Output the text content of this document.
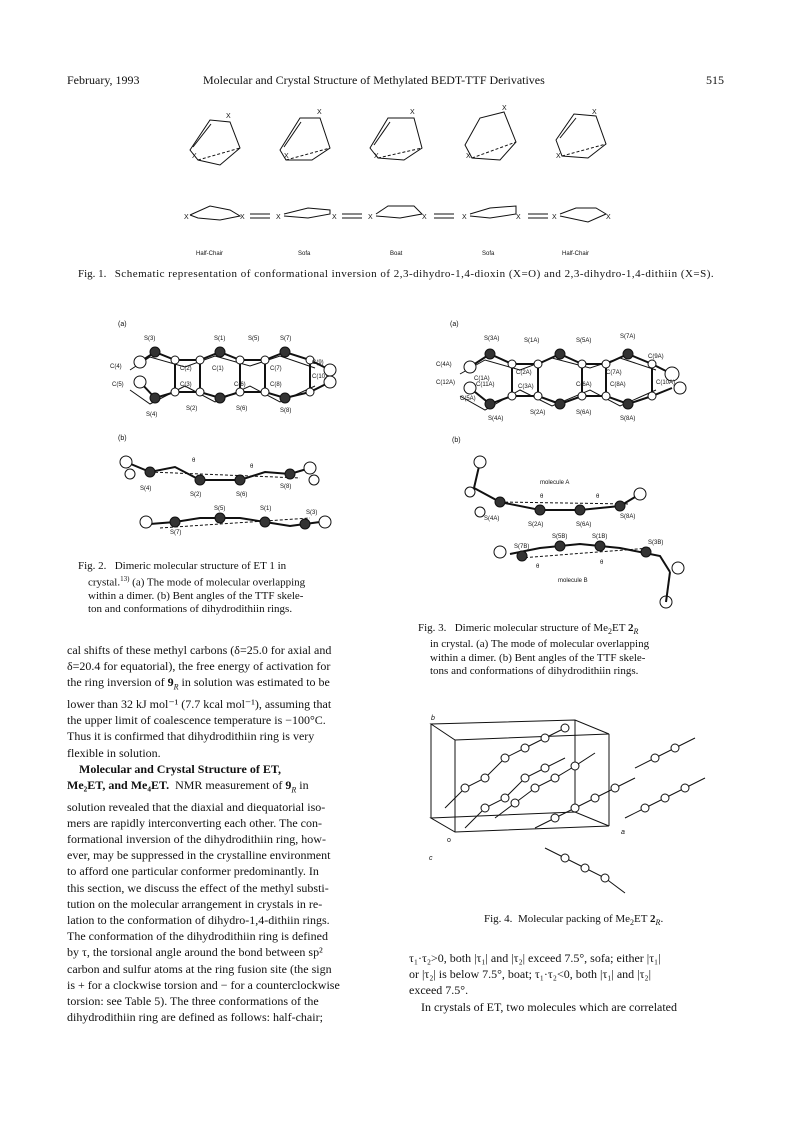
February, 1993	Molecular and Crystal Structure of Methylated BEDT-TTF Derivatives	515
X
X
X
X
X
X
X
X
X
X
X	X	X	X	X	X	X	X	X	X
Half-Chair	Sofa	Boat	Sofa	Half-Chair
Fig. 1. Schematic representation of conformational inversion of 2,3-dihydro-1,4-dioxin (X=O) and 2,3-dihydro-1,4-dithiin (X=S).
(a)
S(3)	S(1)	S(5)	S(7)
C(4)	C(2)	C(1)	C(7)
C(9)
C(5)	C(3)	C(6)	C(8)
C(10)
S(4)
S(2)	S(6)	S(8)
(b)
θ
θ
S(4)
S(2)	S(6)
S(8)
S(5)	S(1)
S(7)
S(3)
Fig. 2. Dimeric molecular structure of ET 1 in
crystal.$^{13)}$ (a) The mode of molecular overlapping
within a dimer. (b) Bent angles of the TTF skele-
ton and conformations of dihydrodithiin rings.
(a)
S(3A)	S(1A)	S(5A)
S(7A)
C(4A)
C(2A)
C(1A)
C(7A)
C(9A)
C(12A)	C(11A)	C(3A)	C(6A)	C(8A)	C(10A)
C(5A)
S(4A)
S(2A)	S(6A)
S(8A)
(b)
molecule A
θ	θ
S(4A)
S(2A)	S(6A)
S(8A)
S(5B)	S(1B)
S(7B)
S(3B)
θ
θ
molecule B
Fig. 3. Dimeric molecular structure of $Me_2ET$ $2_R$
in crystal. (a) The mode of molecular overlapping
within a dimer. (b) Bent angles of the TTF skele-
tons and conformations of dihydrodithiin rings.
b
o
a
c
Fig. 4. Molecular packing of $Me_2ET$ $2_R$.

cal shifts of these methyl carbons (δ=25.0 for axial and

δ=20.4 for equatorial), the free energy of activation for

the ring inversion of $9_R$ in solution was estimated to be

lower than 32 kJ mol⁻¹ (7.7 kcal mol⁻¹), assuming that

the upper limit of coalescence temperature is −100°C.

Thus it is confirmed that dihydrodithiin ring is very

flexible in solution.

Molecular and Crystal Structure of ET,

Me₂ET, and Me₄ET. NMR measurement of $9_R$ in

solution revealed that the diaxial and diequatorial iso-

mers are rapidly interconverting each other. The con-

formational inversion of the dihydrodithiin ring, how-

ever, may be suppressed in the crystalline environment

to afford one particular conformer predominantly. In

this section, we discuss the effect of the methyl substi-

tution on the molecular arrangement in crystals in re-

lation to the conformation of dihydro-1,4-dithiin rings.

The conformation of the dihydrodithiin ring is defined

by τ, the torsional angle around the bond between sp²

carbon and sulfur atoms at the ring fusion site (the sign

is + for a clockwise torsion and − for a counterclockwise

torsion: see Table 5). The three conformations of the

dihydrodithiin ring are defined as follows: half-chair;

τ₁·τ₂>0, both |τ₁| and |τ₂| exceed 7.5°, sofa; either |τ₁|

or |τ₂| is below 7.5°, boat; τ₁·τ₂<0, both |τ₁| and |τ₂|

exceed 7.5°.

In crystals of ET, two molecules which are correlated
